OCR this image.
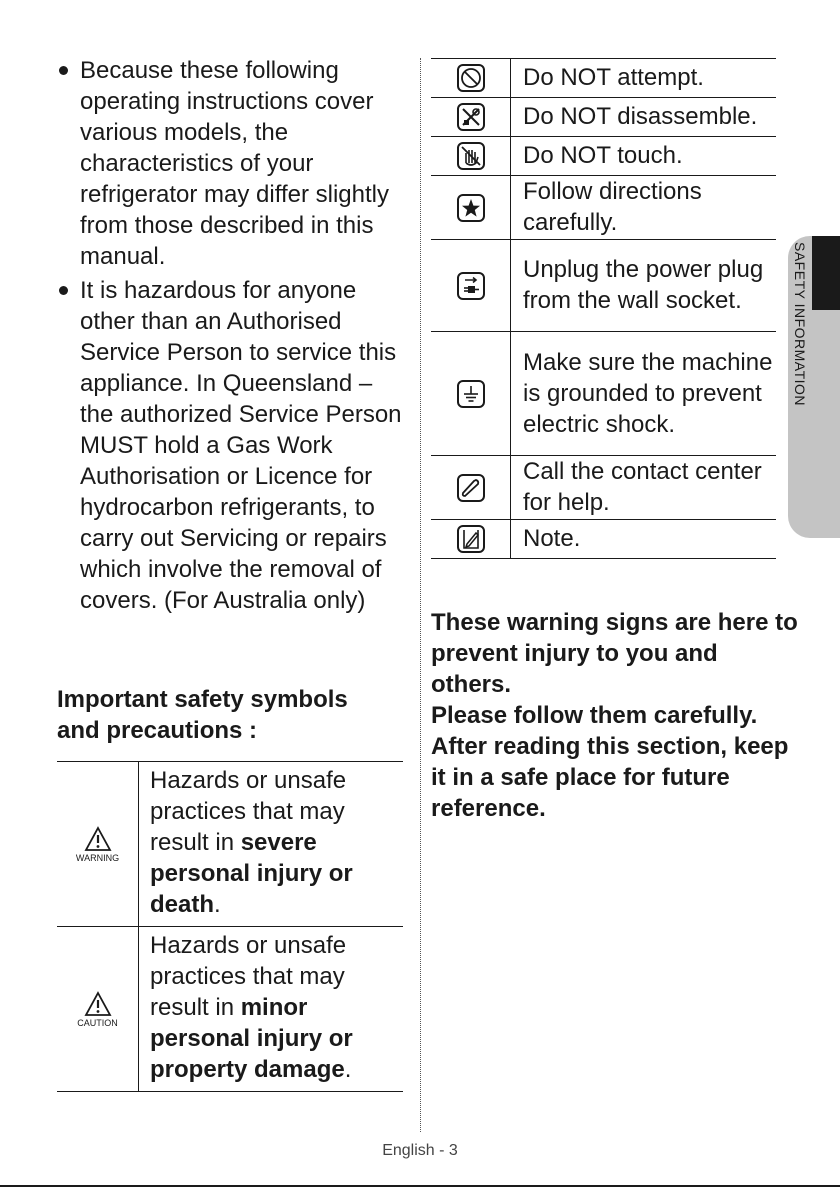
Because these following operating instructions cover various models, the characteristics of your refrigerator may differ slightly from those described in this manual.
It is hazardous for anyone other than an Authorised Service Person to service this appliance. In Queensland – the authorized Service Person MUST hold a Gas Work Authorisation or Licence for hydrocarbon refrigerants, to carry out Servicing or repairs which involve the removal of covers. (For Australia only)
Important safety symbols and precautions :
WARNING	Hazards or unsafe practices that may result in severe personal injury or death.

CAUTION	Hazards or unsafe practices that may result in minor personal injury or property damage.
	Do NOT attempt.

	Do NOT disassemble.

	Do NOT touch.

	Follow directions carefully.

	Unplug the power plug from the wall socket.

	Make sure the machine is grounded to prevent electric shock.

	Call the contact center for help.

	Note.
These warning signs are here to prevent injury to you and others.
Please follow them carefully.
After reading this section, keep it in a safe place for future reference.
SAFETY INFORMATION
English - 3
